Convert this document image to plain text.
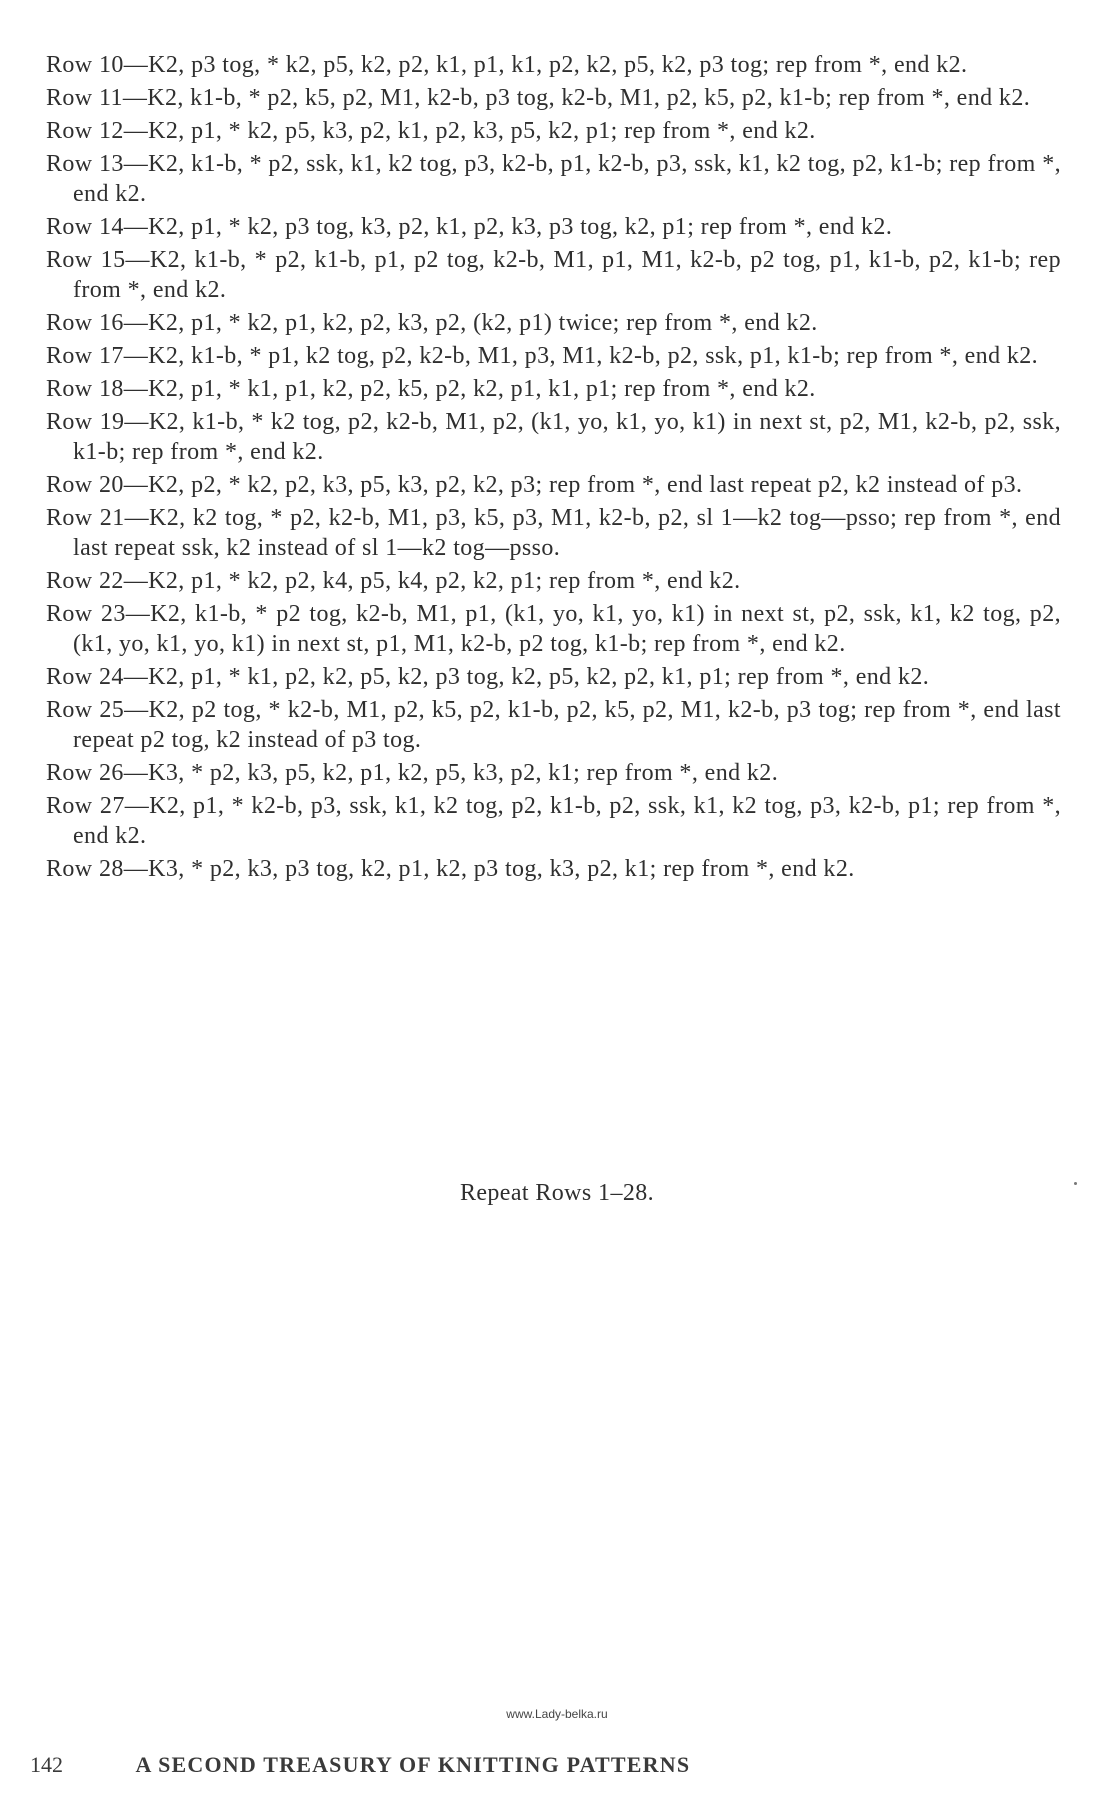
Row 10—K2, p3 tog, * k2, p5, k2, p2, k1, p1, k1, p2, k2, p5, k2, p3 tog; rep from *, end k2.

Row 11—K2, k1-b, * p2, k5, p2, M1, k2-b, p3 tog, k2-b, M1, p2, k5, p2, k1-b; rep from *, end k2.

Row 12—K2, p1, * k2, p5, k3, p2, k1, p2, k3, p5, k2, p1; rep from *, end k2.

Row 13—K2, k1-b, * p2, ssk, k1, k2 tog, p3, k2-b, p1, k2-b, p3, ssk, k1, k2 tog, p2, k1-b; rep from *, end k2.

Row 14—K2, p1, * k2, p3 tog, k3, p2, k1, p2, k3, p3 tog, k2, p1; rep from *, end k2.

Row 15—K2, k1-b, * p2, k1-b, p1, p2 tog, k2-b, M1, p1, M1, k2-b, p2 tog, p1, k1-b, p2, k1-b; rep from *, end k2.

Row 16—K2, p1, * k2, p1, k2, p2, k3, p2, (k2, p1) twice; rep from *, end k2.

Row 17—K2, k1-b, * p1, k2 tog, p2, k2-b, M1, p3, M1, k2-b, p2, ssk, p1, k1-b; rep from *, end k2.

Row 18—K2, p1, * k1, p1, k2, p2, k5, p2, k2, p1, k1, p1; rep from *, end k2.

Row 19—K2, k1-b, * k2 tog, p2, k2-b, M1, p2, (k1, yo, k1, yo, k1) in next st, p2, M1, k2-b, p2, ssk, k1-b; rep from *, end k2.

Row 20—K2, p2, * k2, p2, k3, p5, k3, p2, k2, p3; rep from *, end last repeat p2, k2 instead of p3.

Row 21—K2, k2 tog, * p2, k2-b, M1, p3, k5, p3, M1, k2-b, p2, sl 1—k2 tog—psso; rep from *, end last repeat ssk, k2 instead of sl 1—k2 tog—psso.

Row 22—K2, p1, * k2, p2, k4, p5, k4, p2, k2, p1; rep from *, end k2.

Row 23—K2, k1-b, * p2 tog, k2-b, M1, p1, (k1, yo, k1, yo, k1) in next st, p2, ssk, k1, k2 tog, p2, (k1, yo, k1, yo, k1) in next st, p1, M1, k2-b, p2 tog, k1-b; rep from *, end k2.

Row 24—K2, p1, * k1, p2, k2, p5, k2, p3 tog, k2, p5, k2, p2, k1, p1; rep from *, end k2.

Row 25—K2, p2 tog, * k2-b, M1, p2, k5, p2, k1-b, p2, k5, p2, M1, k2-b, p3 tog; rep from *, end last repeat p2 tog, k2 instead of p3 tog.

Row 26—K3, * p2, k3, p5, k2, p1, k2, p5, k3, p2, k1; rep from *, end k2.

Row 27—K2, p1, * k2-b, p3, ssk, k1, k2 tog, p2, k1-b, p2, ssk, k1, k2 tog, p3, k2-b, p1; rep from *, end k2.

Row 28—K3, * p2, k3, p3 tog, k2, p1, k2, p3 tog, k3, p2, k1; rep from *, end k2.

Repeat Rows 1–28.
www.Lady-belka.ru
142	A SECOND TREASURY OF KNITTING PATTERNS
